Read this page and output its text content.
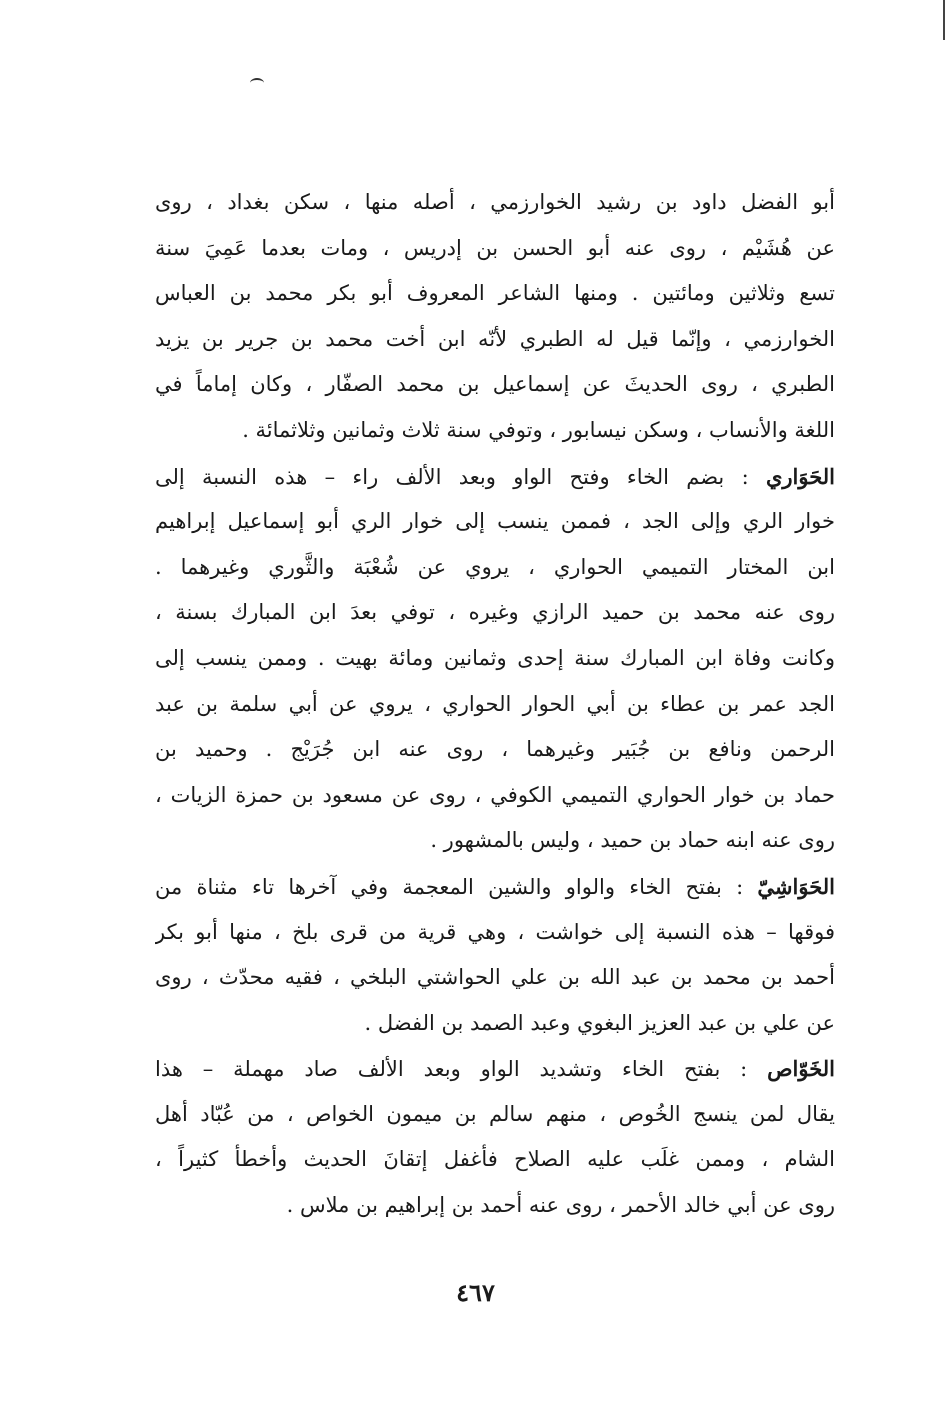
أبو الفضل داود بن رشيد الخوارزمي ، أصله منها ، سكن بغداد ، روى
عن هُشَيْم ، روى عنه أبو الحسن بن إدريس ، ومات بعدما عَمِيَ سنة
تسع وثلاثين ومائتين . ومنها الشاعر المعروف أبو بكر محمد بن العباس
الخوارزمي ، وإنّما قيل له الطبري لأنّه ابن أخت محمد بن جرير بن يزيد
الطبري ، روى الحديثَ عن إسماعيل بن محمد الصفّار ، وكان إماماً في
اللغة والأنساب ، وسكن نيسابور ، وتوفي سنة ثلاث وثمانين وثلاثمائة .
الحَوَاري : بضم الخاء وفتح الواو وبعد الألف راء – هذه النسبة إلى
خوار الري وإلى الجد ، فممن ينسب إلى خوار الري أبو إسماعيل إبراهيم
ابن المختار التميمي الحواري ، يروي عن شُعْبَة والثَّوري وغيرهما .
روى عنه محمد بن حميد الرازي وغيره ، توفي بعدَ ابن المبارك بسنة ،
وكانت وفاة ابن المبارك سنة إحدى وثمانين ومائة بهيت . وممن ينسب إلى
الجد عمر بن عطاء بن أبي الحوار الحواري ، يروي عن أبي سلمة بن عبد
الرحمن ونافع بن جُبَير وغيرهما ، روى عنه ابن جُرَيْج . وحميد بن
حماد بن خوار الحواري التميمي الكوفي ، روى عن مسعود بن حمزة الزيات ،
روى عنه ابنه حماد بن حميد ، وليس بالمشهور .
الحَوَاشِيّ : بفتح الخاء والواو والشين المعجمة وفي آخرها تاء مثناة من
فوقها – هذه النسبة إلى خواشت ، وهي قرية من قرى بلخ ، منها أبو بكر
أحمد بن محمد بن عبد الله بن علي الحواشتي البلخي ، فقيه محدّث ، روى
عن علي بن عبد العزيز البغوي وعبد الصمد بن الفضل .
الخَوّاص : بفتح الخاء وتشديد الواو وبعد الألف صاد مهملة – هذا
يقال لمن ينسج الخُوص ، منهم سالم بن ميمون الخواص ، من عُبّاد أهل
الشام ، وممن غلَب عليه الصلاح فأغفل إتقانَ الحديث وأخطأ كثيراً ،
روى عن أبي خالد الأحمر ، روى عنه أحمد بن إبراهيم بن ملاس .
٤٦٧
